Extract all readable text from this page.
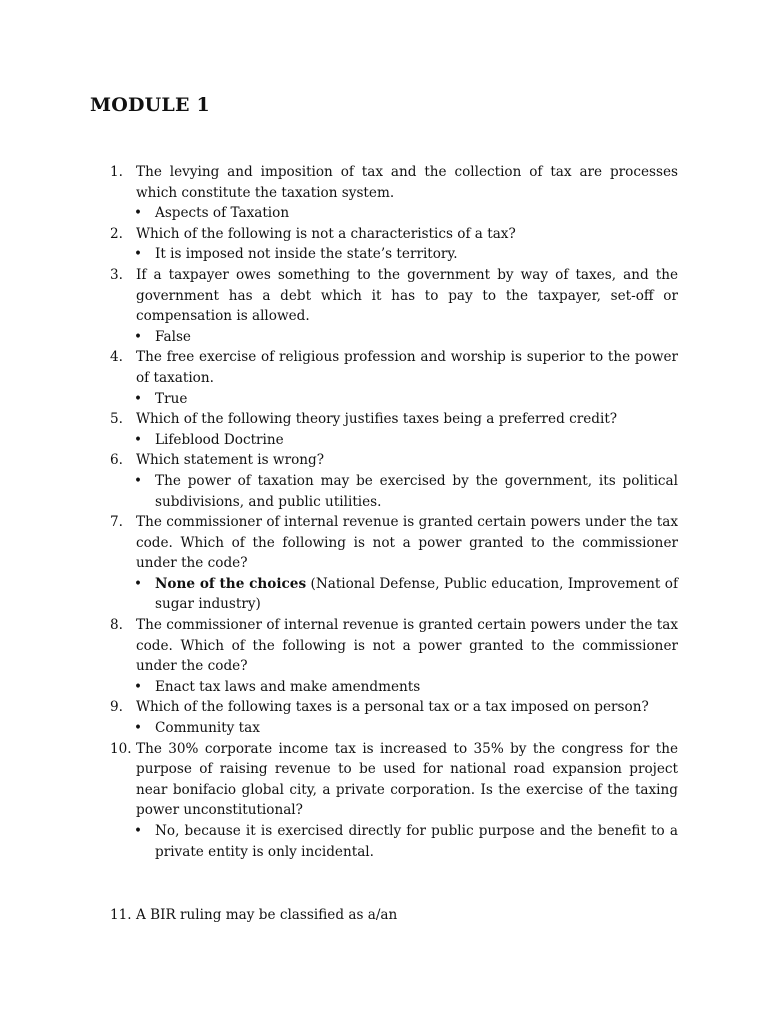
MODULE 1
1. The levying and imposition of tax and the collection of tax are processes which constitute the taxation system.
• Aspects of Taxation
2. Which of the following is not a characteristics of a tax?
• It is imposed not inside the state’s territory.
3. If a taxpayer owes something to the government by way of taxes, and the government has a debt which it has to pay to the taxpayer, set-off or compensation is allowed.
• False
4. The free exercise of religious profession and worship is superior to the power of taxation.
• True
5. Which of the following theory justifies taxes being a preferred credit?
• Lifeblood Doctrine
6. Which statement is wrong?
• The power of taxation may be exercised by the government, its political subdivisions, and public utilities.
7. The commissioner of internal revenue is granted certain powers under the tax code. Which of the following is not a power granted to the commissioner under the code?
• None of the choices (National Defense, Public education, Improvement of sugar industry)
8. The commissioner of internal revenue is granted certain powers under the tax code. Which of the following is not a power granted to the commissioner under the code?
• Enact tax laws and make amendments
9. Which of the following taxes is a personal tax or a tax imposed on person?
• Community tax
10. The 30% corporate income tax is increased to 35% by the congress for the purpose of raising revenue to be used for national road expansion project near bonifacio global city, a private corporation. Is the exercise of the taxing power unconstitutional?
• No, because it is exercised directly for public purpose and the benefit to a private entity is only incidental.
11. A BIR ruling may be classified as a/an
